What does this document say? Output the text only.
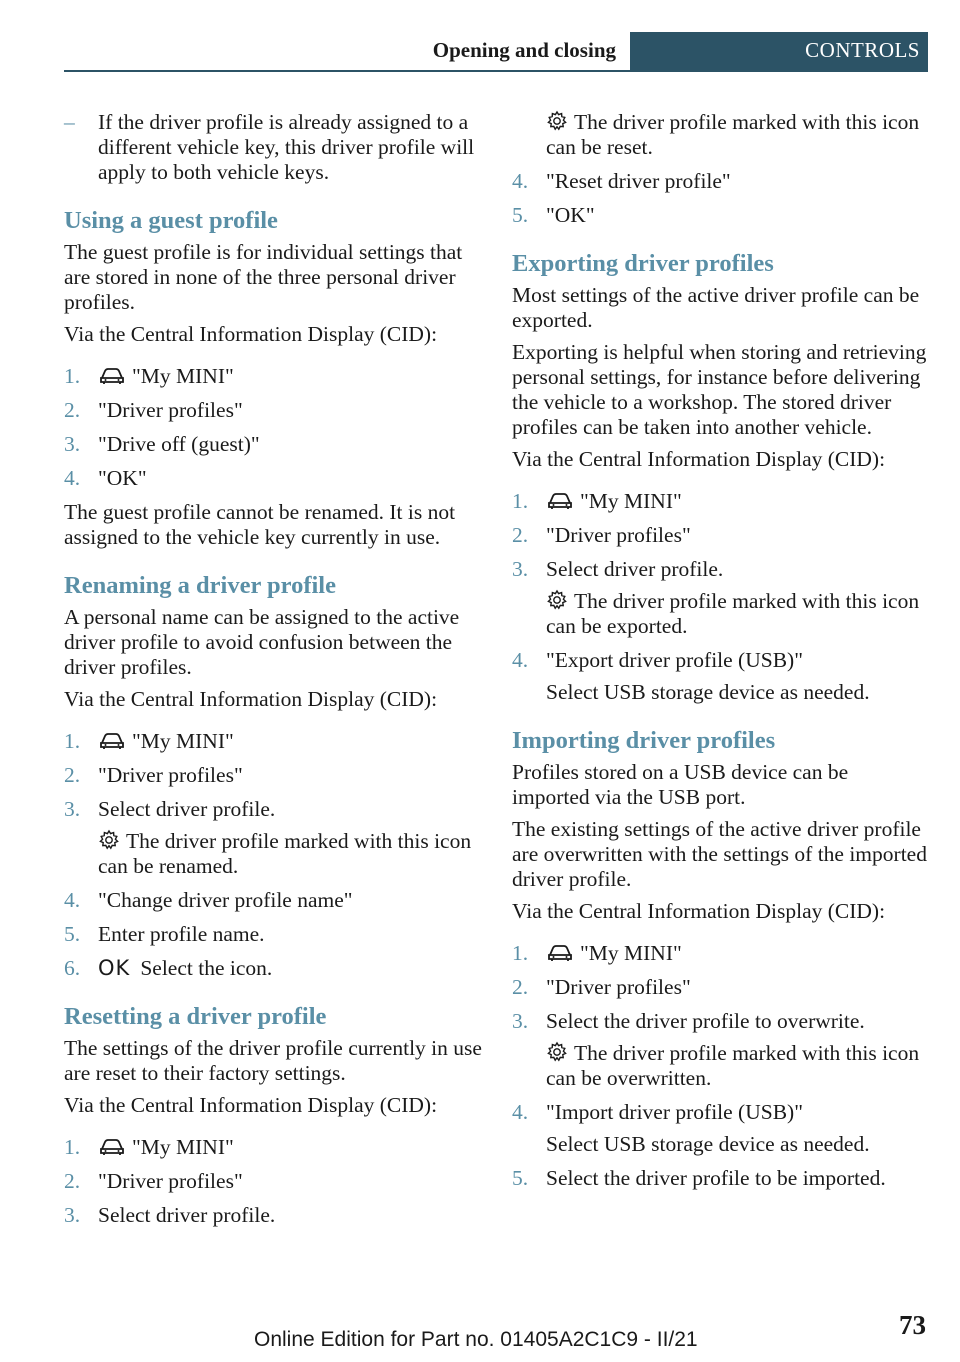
Opening and closing	CONTROLS
– If the driver profile is already assigned to a different vehicle key, this driver profile will apply to both vehicle keys.
Using a guest profile
The guest profile is for individual settings that are stored in none of the three personal driver profiles.
Via the Central Information Display (CID):
1. "My MINI"
2. "Driver profiles"
3. "Drive off (guest)"
4. "OK"
The guest profile cannot be renamed. It is not assigned to the vehicle key currently in use.
Renaming a driver profile
A personal name can be assigned to the active driver profile to avoid confusion between the driver profiles.
Via the Central Information Display (CID):
1. "My MINI"
2. "Driver profiles"
3. Select driver profile.
The driver profile marked with this icon can be renamed.
4. "Change driver profile name"
5. Enter profile name.
6. OK Select the icon.
Resetting a driver profile
The settings of the driver profile currently in use are reset to their factory settings.
Via the Central Information Display (CID):
1. "My MINI"
2. "Driver profiles"
3. Select driver profile.
The driver profile marked with this icon can be reset.
4. "Reset driver profile"
5. "OK"
Exporting driver profiles
Most settings of the active driver profile can be exported.
Exporting is helpful when storing and retrieving personal settings, for instance before delivering the vehicle to a workshop. The stored driver profiles can be taken into another vehicle.
Via the Central Information Display (CID):
1. "My MINI"
2. "Driver profiles"
3. Select driver profile.
The driver profile marked with this icon can be exported.
4. "Export driver profile (USB)"
Select USB storage device as needed.
Importing driver profiles
Profiles stored on a USB device can be imported via the USB port.
The existing settings of the active driver profile are overwritten with the settings of the imported driver profile.
Via the Central Information Display (CID):
1. "My MINI"
2. "Driver profiles"
3. Select the driver profile to overwrite.
The driver profile marked with this icon can be overwritten.
4. "Import driver profile (USB)"
Select USB storage device as needed.
5. Select the driver profile to be imported.
Online Edition for Part no. 01405A2C1C9 - II/21	73
